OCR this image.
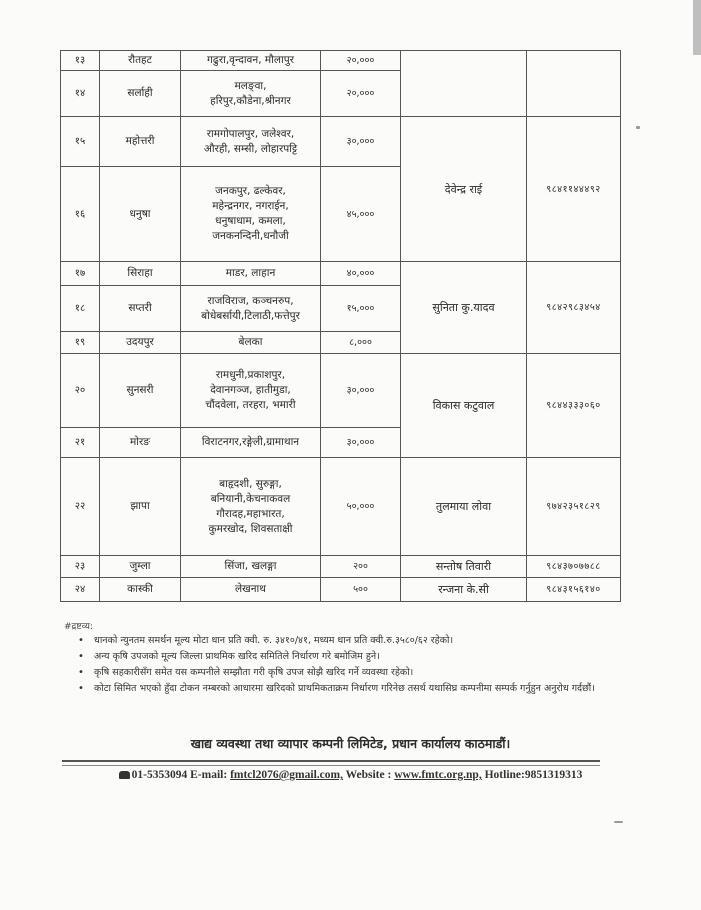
१३	रौतहट	गढुरा,वृन्दावन, मौलापुर	२०,०००		
१४	सर्लाही	मलङ्वा,
हरिपुर,कौडेना,श्रीनगर	२०,०००		
१५	महोत्तरी	रामगोपालपुर, जलेश्वर,
औरही, सम्सी, लोहारपट्टि	३०,०००	देवेन्द्र राई	९८४११४४४९२
१६	धनुषा	जनकपुर, ढल्केवर,
महेन्द्रनगर, नगराईन,
धनुषाधाम, कमला,
जनकनन्दिनी,धनौजी	४५,०००		
१७	सिराहा	माडर, लाहान	४०,०००	सुनिता कु.यादव	९८४२९८३४५४
१८	सप्तरी	राजविराज, कञ्चनरुप,
बोधेबर्सायी,टिलाठी,फत्तेपुर	१५,०००		
१९	उदयपुर	बेलका	८,०००		
२०	सुनसरी	रामधुनी,प्रकाशपुर,
देवानगञ्ज, हातीमुडा,
चौंदवेला, तरहरा, भमारी	३०,०००	विकास कटुवाल	९८४४३३३०६०
२१	मोरङ	विराटनगर,रङ्गेली,ग्रामाथान	३०,०००		
२२	झापा	बाहृदशी, सुरुङ्गा,
बनियानी,केचनाकवल
गौरादह,महाभारत,
कुमरखोद, शिवसताक्षी	५०,०००	तुलमाया लोवा	९७४२३५१८२९
२३	जुम्ला	सिंजा, खलङ्गा	२००	सन्तोष तिवारी	९८४३७०७७८८
२४	कास्की	लेखनाथ	५००	रन्जना के.सी	९८४३१५६१४०
#द्रष्टव्य:
• धानको न्युनतम समर्थन मूल्य मोटा धान प्रति क्वी. रु. ३४१०/४१, मध्यम धान प्रति क्वी.रु.३५८०/६२ रहेको।
• अन्य कृषि उपजको मूल्य जिल्ला प्राथमिक खरिद समितिले निर्धारण गरे बमोजिम हुने।
• कृषि सहकारीसँग समेत यस कम्पनीले सम्झौता गरी कृषि उपज सोझै खरिद गर्ने व्यवस्था रहेको।
• कोटा सिमित भएको हुँदा टोकन नम्बरको आधारमा खरिदको प्राथमिकताक्रम निर्धारण गरिनेछ तसर्थ यथासिघ्र कम्पनीमा सम्पर्क गर्नुहुन अनुरोध गर्दछौं।
खाद्य व्यवस्था तथा व्यापार कम्पनी लिमिटेड, प्रधान कार्यालय काठमाडौं।
01-5353094 E-mail: fmtcl2076@gmail.com, Website : www.fmtc.org.np, Hotline:9851319313
